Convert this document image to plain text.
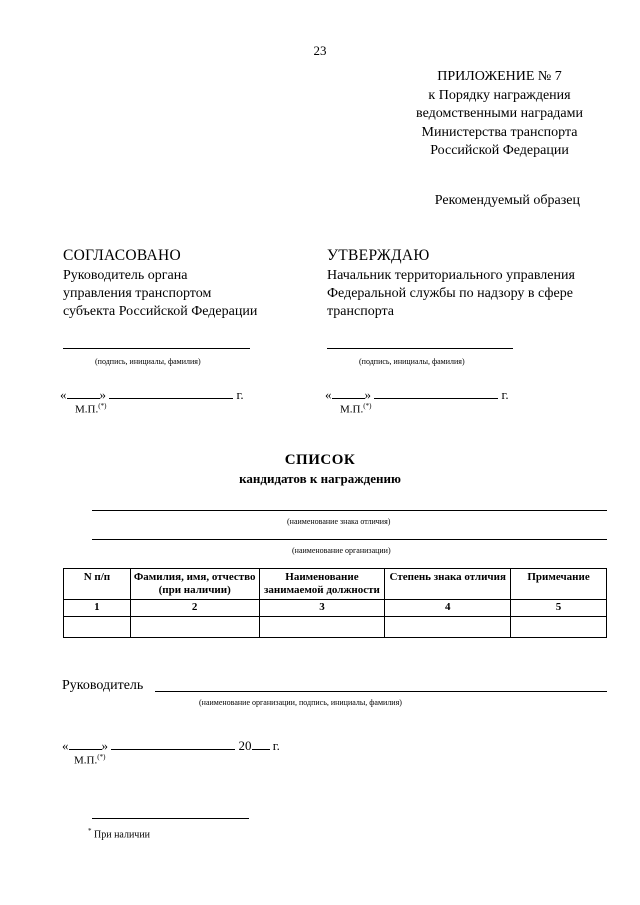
23
ПРИЛОЖЕНИЕ № 7
к Порядку награждения
ведомственными наградами
Министерства транспорта
Российской Федерации
Рекомендуемый образец
СОГЛАСОВАНО
Руководитель органа
управления транспортом
субъекта Российской Федерации
(подпись, инициалы, фамилия)
«	»	г.
М.П.(*)
УТВЕРЖДАЮ
Начальник территориального управления
Федеральной службы по надзору в сфере
транспорта
(подпись, инициалы, фамилия)
«	»	г.
М.П.(*)
СПИСОК
кандидатов к награждению
(наименование знака отличия)
(наименование организации)
N п/п	Фамилия, имя, отчество (при наличии)	Наименование занимаемой должности	Степень знака отличия	Примечание
1	2	3	4	5

Руководитель
(наименование организации, подпись, инициалы, фамилия)
«	»	20 г.
М.П.(*)
* При наличии
